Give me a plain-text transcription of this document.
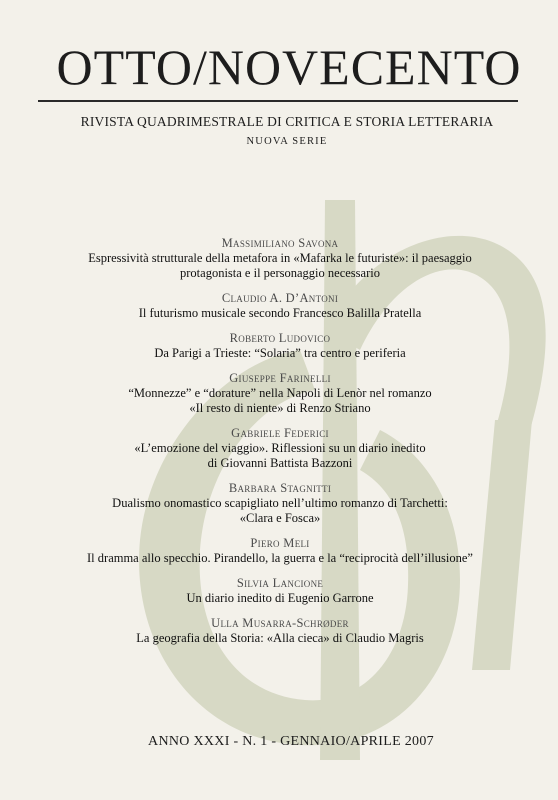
OTTO/NOVECENTO
RIVISTA QUADRIMESTRALE DI CRITICA E STORIA LETTERARIA
NUOVA SERIE
Massimiliano Savona
Espressività strutturale della metafora in «Mafarka le futuriste»: il paesaggio
protagonista e il personaggio necessario
Claudio A. D’Antoni
Il futurismo musicale secondo Francesco Balilla Pratella
Roberto Ludovico
Da Parigi a Trieste: “Solaria” tra centro e periferia
Giuseppe Farinelli
“Monnezze” e “dorature” nella Napoli di Lenòr nel romanzo
«Il resto di niente» di Renzo Striano
Gabriele Federici
«L’emozione del viaggio». Riflessioni su un diario inedito
di Giovanni Battista Bazzoni
Barbara Stagnitti
Dualismo onomastico scapigliato nell’ultimo romanzo di Tarchetti:
«Clara e Fosca»
Piero Meli
Il dramma allo specchio. Pirandello, la guerra e la “reciprocità dell’illusione”
Silvia Lancione
Un diario inedito di Eugenio Garrone
Ulla Musarra-Schrøder
La geografia della Storia: «Alla cieca» di Claudio Magris
ANNO XXXI - N. 1 - GENNAIO/APRILE 2007
